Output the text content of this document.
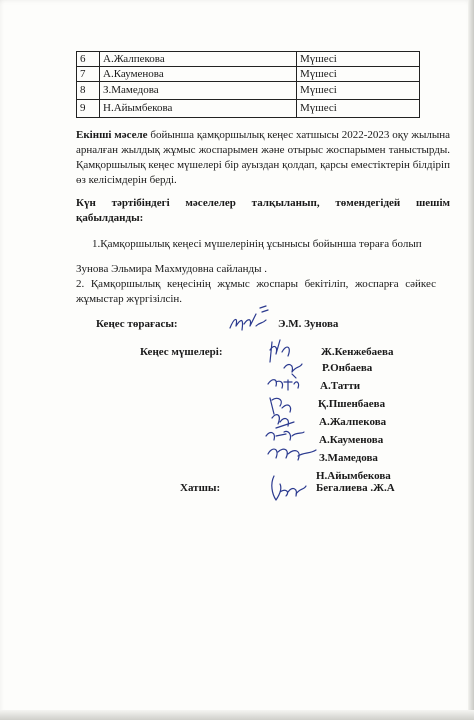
6	А.Жалпекова	Мүшесі
7	А.Кауменова	Мүшесі
8	З.Мамедова	Мүшесі
9	Н.Айымбекова	Мүшесі

Екінші мәселе бойынша қамқоршылық кеңес хатшысы 2022-2023 оқу жылына арналған жылдық жұмыс жоспарымен және отырыс жоспарымен таныстырды. Қамқоршылық кеңес мүшелері бір ауыздан қолдап, қарсы еместіктерін білдіріп өз келісімдерін берді.

Күн тәртібіндегі мәселелер талқыланып, төмендегідей шешім қабылданды:

1.Қамқоршылық кеңесі мүшелерінің ұсынысы бойынша төраға болып

Зунова Эльмира Махмудовна сайланды .

2. Қамқоршылық кеңесінің жұмыс жоспары бекітіліп, жоспарға сәйкес жұмыстар жүргізілсін.

Кеңес төрағасы:	Э.М. Зунова
Кеңес мүшелері:	Ж.Кенжебаева
Р.Онбаева
А.Татти
Қ.Пшенбаева
А.Жалпекова
А.Кауменова
З.Мамедова
Н.Айымбекова
Хатшы:	Бегалиева .Ж.А
